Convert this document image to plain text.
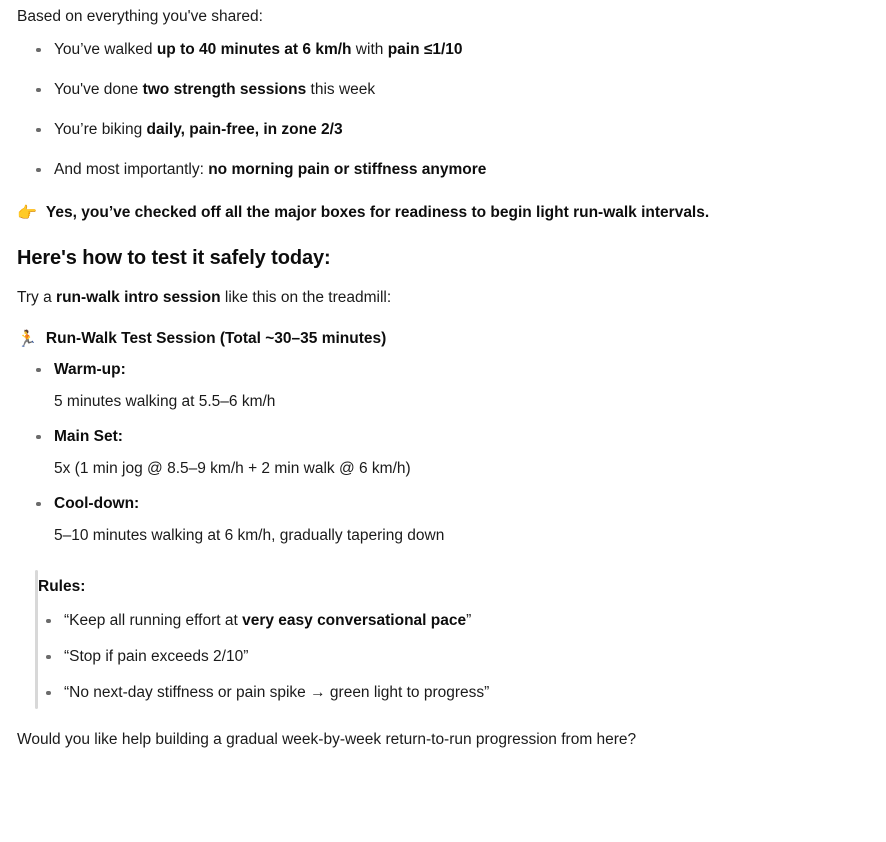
Based on everything you've shared:

You’ve walked up to 40 minutes at 6 km/h with pain ≤1/10
You've done two strength sessions this week
You’re biking daily, pain-free, in zone 2/3
And most importantly: no morning pain or stiffness anymore
👉 Yes, you’ve checked off all the major boxes for readiness to begin light run-walk intervals.
Here's how to test it safely today:

Try a run-walk intro session like this on the treadmill:

🏃 Run-Walk Test Session (Total ~30–35 minutes)
Warm-up:
5 minutes walking at 5.5–6 km/h
Main Set:
5x (1 min jog @ 8.5–9 km/h + 2 min walk @ 6 km/h)
Cool-down:
5–10 minutes walking at 6 km/h, gradually tapering down
Rules:
“Keep all running effort at very easy conversational pace”
“Stop if pain exceeds 2/10”
“No next-day stiffness or pain spike → green light to progress”

Would you like help building a gradual week-by-week return-to-run progression from here?
